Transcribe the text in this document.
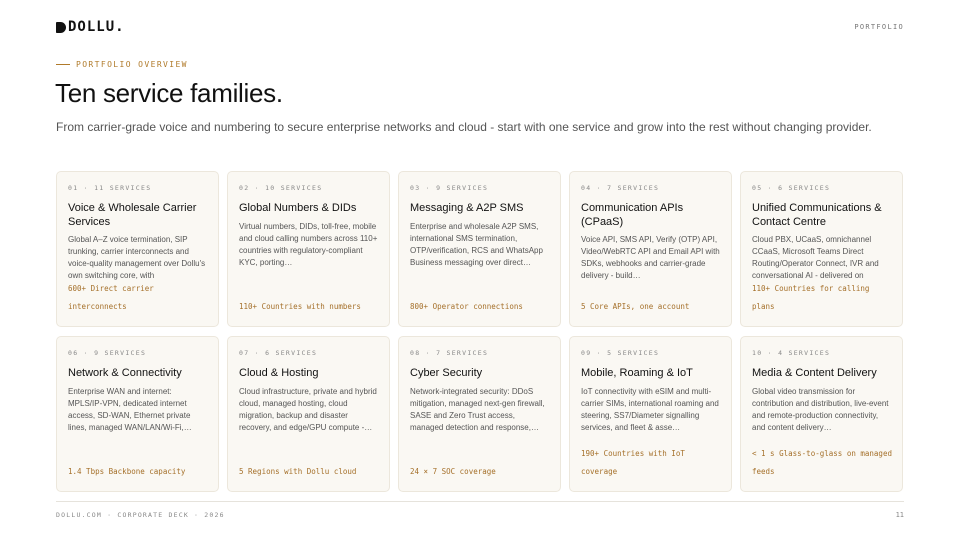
DOLLU.	PORTFOLIO
PORTFOLIO OVERVIEW
Ten service families.

From carrier-grade voice and numbering to secure enterprise networks and cloud - start with one service and grow into the rest without changing provider.

01 · 11 SERVICES
Voice & Wholesale Carrier Services
Global A–Z voice termination, SIP trunking, carrier interconnects and voice-quality management over Dollu's own switching core, with
600+ Direct carrier interconnects
02 · 10 SERVICES
Global Numbers & DIDs
Virtual numbers, DIDs, toll-free, mobile and cloud calling numbers across 110+ countries with regulatory-compliant KYC, porting…
110+ Countries with numbers
03 · 9 SERVICES
Messaging & A2P SMS
Enterprise and wholesale A2P SMS, international SMS termination, OTP/verification, RCS and WhatsApp Business messaging over direct…
800+ Operator connections
04 · 7 SERVICES
Communication APIs (CPaaS)
Voice API, SMS API, Verify (OTP) API, Video/WebRTC API and Email API with SDKs, webhooks and carrier-grade delivery - build…
5 Core APIs, one account
05 · 6 SERVICES
Unified Communications & Contact Centre
Cloud PBX, UCaaS, omnichannel CCaaS, Microsoft Teams Direct Routing/Operator Connect, IVR and conversational AI - delivered on
110+ Countries for calling plans
06 · 9 SERVICES
Network & Connectivity
Enterprise WAN and internet: MPLS/IP-VPN, dedicated internet access, SD-WAN, Ethernet private lines, managed WAN/LAN/Wi-Fi,…
1.4 Tbps Backbone capacity
07 · 6 SERVICES
Cloud & Hosting
Cloud infrastructure, private and hybrid cloud, managed hosting, cloud migration, backup and disaster recovery, and edge/GPU compute -…
5 Regions with Dollu cloud
08 · 7 SERVICES
Cyber Security
Network-integrated security: DDoS mitigation, managed next-gen firewall, SASE and Zero Trust access, managed detection and response,…
24 × 7 SOC coverage
09 · 5 SERVICES
Mobile, Roaming & IoT
IoT connectivity with eSIM and multi-carrier SIMs, international roaming and steering, SS7/Diameter signalling services, and fleet & asse…
190+ Countries with IoT coverage
10 · 4 SERVICES
Media & Content Delivery
Global video transmission for contribution and distribution, live-event and remote-production connectivity, and content delivery…
< 1 s Glass-to-glass on managed feeds
DOLLU.COM · CORPORATE DECK · 2026	11
